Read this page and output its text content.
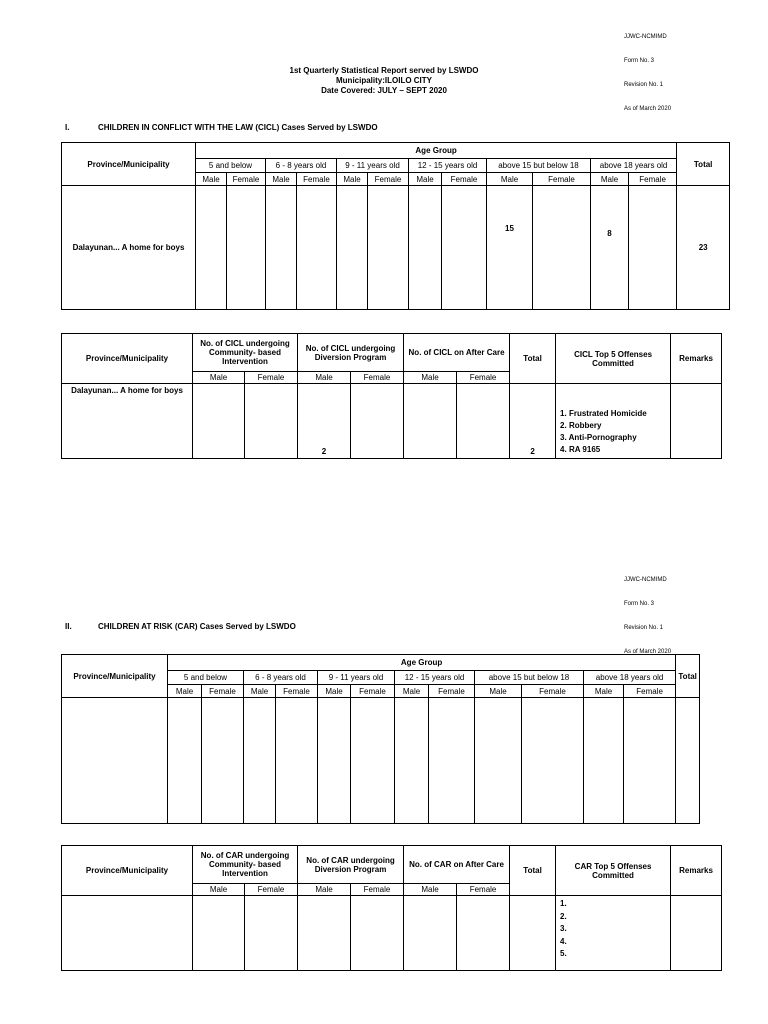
JJWC-NCMIMD

Form No. 3

Revision No. 1

As of March 2020

1st Quarterly Statistical Report served by LSWDO
Municipality:ILOILO CITY
Date Covered: JULY – SEPT 2020
I.	CHILDREN IN CONFLICT WITH THE LAW (CICL) Cases Served by LSWDO
Province/Municipality	Age Group												Total
	5 and below		6 - 8 years old		9 - 11 years old		12 - 15 years old		above 15 but below 18		above 18 years old		
	Male	Female	Male	Female	Male	Female	Male	Female	Male	Female	Male	Female	
Dalayunan... A home for boys									15		8		23
Province/Municipality	No. of CICL undergoing Community- based Intervention		No. of CICL undergoing Diversion Program		No. of CICL on After Care		Total	CICL Top 5 Offenses Committed	Remarks
	Male	Female	Male	Female	Male	Female			
Dalayunan... A home for boys			2				2	1. Frustrated Homicide
2. Robbery
3. Anti-Pornography
4. RA 9165	

JJWC-NCMIMD

Form No. 3

Revision No. 1

As of March 2020

II.	CHILDREN AT RISK (CAR) Cases Served by LSWDO
Province/Municipality	Age Group												Total
	5 and below		6 - 8 years old		9 - 11 years old		12 - 15 years old		above 15 but below 18		above 18 years old		
	Male	Female	Male	Female	Male	Female	Male	Female	Male	Female	Male	Female	

Province/Municipality	No. of CAR undergoing Community- based Intervention		No. of CAR undergoing Diversion Program		No. of CAR on After Care		Total	CAR Top 5 Offenses Committed	Remarks
	Male	Female	Male	Female	Male	Female			
								1.
2.
3.
4.
5.	
